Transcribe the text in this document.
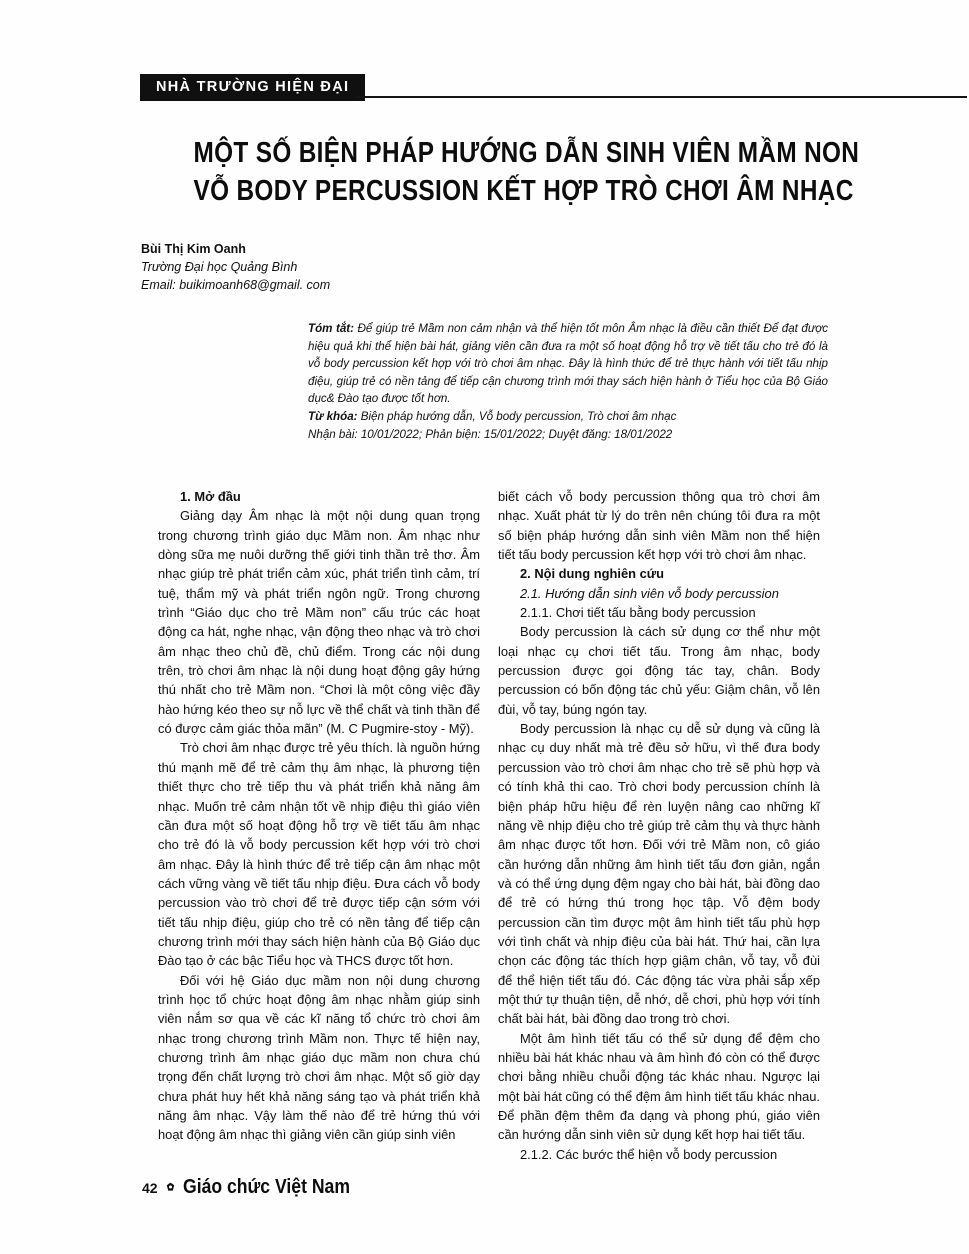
NHÀ TRƯỜNG HIỆN ĐẠI
MỘT SỐ BIỆN PHÁP HƯỚNG DẪN SINH VIÊN MẦM NON
VỖ BODY PERCUSSION KẾT HỢP TRÒ CHƠI ÂM NHẠC
Bùi Thị Kim Oanh
Trường Đại học Quảng Bình
Email: buikimoanh68@gmail. com
Tóm tắt: Để giúp trẻ Mầm non cảm nhận và thể hiện tốt môn Âm nhạc là điều cần thiết Để đạt được hiệu quả khi thể hiện bài hát, giảng viên cần đưa ra một số hoạt động hỗ trợ về tiết tấu cho trẻ đó là vỗ body percussion kết hợp với trò chơi âm nhạc. Đây là hình thức để trẻ thực hành với tiết tấu nhịp điệu, giúp trẻ có nền tảng để tiếp cận chương trình mới thay sách hiện hành ở Tiểu học của Bộ Giáo dục& Đào tạo được tốt hơn.
Từ khóa: Biện pháp hướng dẫn, Vỗ body percussion, Trò chơi âm nhạc
Nhận bài: 10/01/2022; Phản biện: 15/01/2022; Duyệt đăng: 18/01/2022

1. Mở đầu

Giảng dạy Âm nhạc là một nội dung quan trọng trong chương trình giáo dục Mầm non. Âm nhạc như dòng sữa mẹ nuôi dưỡng thế giới tinh thần trẻ thơ. Âm nhạc giúp trẻ phát triển cảm xúc, phát triển tình cảm, trí tuệ, thẩm mỹ và phát triển ngôn ngữ. Trong chương trình “Giáo dục cho trẻ Mầm non” cấu trúc các hoạt động ca hát, nghe nhạc, vận động theo nhạc và trò chơi âm nhạc theo chủ đề, chủ điểm. Trong các nội dung trên, trò chơi âm nhạc là nội dung hoạt động gây hứng thú nhất cho trẻ Mầm non. “Chơi là một công việc đầy hào hứng kéo theo sự nỗ lực về thể chất và tinh thần để có được cảm giác thỏa mãn” (M. C Pugmire-stoy - Mỹ).

Trò chơi âm nhạc được trẻ yêu thích. là nguồn hứng thú mạnh mẽ để trẻ cảm thụ âm nhạc, là phương tiện thiết thực cho trẻ tiếp thu và phát triển khả năng âm nhạc. Muốn trẻ cảm nhận tốt về nhịp điệu thì giáo viên cần đưa một số hoạt động hỗ trợ về tiết tấu âm nhạc cho trẻ đó là vỗ body percussion kết hợp với trò chơi âm nhạc. Đây là hình thức để trẻ tiếp cận âm nhạc một cách vững vàng về tiết tấu nhịp điệu. Đưa cách vỗ body percussion vào trò chơi để trẻ được tiếp cận sớm với tiết tấu nhịp điệu, giúp cho trẻ có nền tảng để tiếp cận chương trình mới thay sách hiện hành của Bộ Giáo dục Đào tạo ở các bậc Tiểu học và THCS được tốt hơn.

Đối với hệ Giáo dục mầm non nội dung chương trình học tổ chức hoạt động âm nhạc nhằm giúp sinh viên nắm sơ qua về các kĩ năng tổ chức trò chơi âm nhạc trong chương trình Mầm non. Thực tế hiện nay, chương trình âm nhạc giáo dục mầm non chưa chú trọng đến chất lượng trò chơi âm nhạc. Một số giờ dạy chưa phát huy hết khả năng sáng tạo và phát triển khả năng âm nhạc. Vậy làm thế nào để trẻ hứng thú với hoạt động âm nhạc thì giảng viên cần giúp sinh viên

biết cách vỗ body percussion thông qua trò chơi âm nhạc. Xuất phát từ lý do trên nên chúng tôi đưa ra một số biện pháp hướng dẫn sinh viên Mầm non thể hiện tiết tấu body percussion kết hợp với trò chơi âm nhạc.

2. Nội dung nghiên cứu

2.1. Hướng dẫn sinh viên vỗ body percussion

2.1.1. Chơi tiết tấu bằng body percussion

Body percussion là cách sử dụng cơ thể như một loại nhạc cụ chơi tiết tấu. Trong âm nhạc, body percussion được gọi động tác tay, chân. Body percussion có bốn động tác chủ yếu: Giậm chân, vỗ lên đùi, vỗ tay, búng ngón tay.

Body percussion là nhạc cụ dễ sử dụng và cũng là nhạc cụ duy nhất mà trẻ đều sở hữu, vì thế đưa body percussion vào trò chơi âm nhạc cho trẻ sẽ phù hợp và có tính khả thi cao. Trò chơi body percussion chính là biện pháp hữu hiệu để rèn luyện nâng cao những kĩ năng về nhịp điệu cho trẻ giúp trẻ cảm thụ và thực hành âm nhạc được tốt hơn. Đối với trẻ Mầm non, cô giáo cần hướng dẫn những âm hình tiết tấu đơn giản, ngắn và có thể ứng dụng đệm ngay cho bài hát, bài đồng dao để trẻ có hứng thú trong học tập. Vỗ đệm body percussion cần tìm được một âm hình tiết tấu phù hợp với tình chất và nhịp điệu của bài hát. Thứ hai, cần lựa chọn các động tác thích hợp giậm chân, vỗ tay, vỗ đùi để thể hiện tiết tấu đó. Các động tác vừa phải sắp xếp một thứ tự thuận tiện, dễ nhớ, dễ chơi, phù hợp với tính chất bài hát, bài đồng dao trong trò chơi.

Một âm hình tiết tấu có thể sử dụng để đệm cho nhiều bài hát khác nhau và âm hình đó còn có thể được chơi bằng nhiều chuỗi động tác khác nhau. Ngược lại một bài hát cũng có thể đệm âm hình tiết tấu khác nhau. Để phần đệm thêm đa dạng và phong phú, giáo viên cần hướng dẫn sinh viên sử dụng kết hợp hai tiết tấu.

2.1.2. Các bước thể hiện vỗ body percussion

42 Giáo chức Việt Nam
